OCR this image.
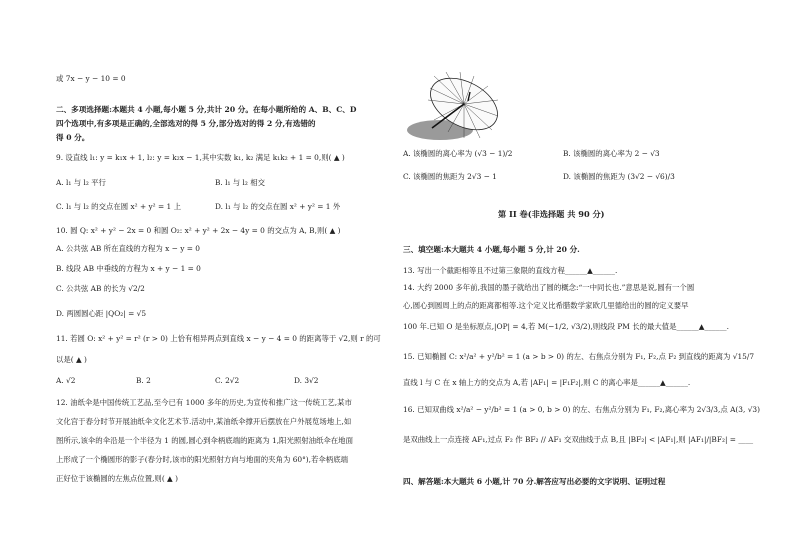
或 7x − y − 10 = 0
二、多项选择题:本题共 4 小题,每小题 5 分,共计 20 分。在每小题所给的 A、B、C、D
四个选项中,有多项是正确的,全部选对的得 5 分,部分选对的得 2 分,有选错的
得 0 分。
9. 设直线 l₁: y = k₁x + 1, l₂: y = k₂x − 1,其中实数 k₁, k₂ 满足 k₁k₂ + 1 = 0,则( ▲ )
A. l₁ 与 l₂ 平行	B. l₁ 与 l₂ 相交
C. l₁ 与 l₂ 的交点在圆 x² + y² = 1 上	D. l₁ 与 l₂ 的交点在圆 x² + y² = 1 外
10. 圆 Q: x² + y² − 2x = 0 和圆 O₂: x² + y² + 2x − 4y = 0 的交点为 A, B,则( ▲ )
A. 公共弦 AB 所在直线的方程为 x − y = 0
B. 线段 AB 中垂线的方程为 x + y − 1 = 0
C. 公共弦 AB 的长为 √2/2
D. 两圆圆心距 |QO₂| = √5
11. 若圆 O: x² + y² = r² (r > 0) 上恰有相异两点到直线 x − y − 4 = 0 的距离等于 √2,则 r 的可
以是( ▲ )
A. √2	B. 2	C. 2√2	D. 3√2
12. 油纸伞是中国传统工艺品,至今已有 1000 多年的历史,为宣传和推广这一传统工艺,某市
文化宫于春分时节开展油纸伞文化艺术节.活动中,某油纸伞撑开后摆放在户外展览场地上,如
图所示,该伞的伞沿是一个半径为 1 的圆,圆心到伞柄底端的距离为 1,阳光照射油纸伞在地面
上形成了一个椭圆形的影子(春分时,该市的阳光照射方向与地面的夹角为 60°),若伞柄底端
正好位于该椭圆的左焦点位置,则( ▲ )
A. 该椭圆的离心率为 (√3 − 1)/2	B. 该椭圆的离心率为 2 − √3
C. 该椭圆的焦距为 2√3 − 1	D. 该椭圆的焦距为 (3√2 − √6)/3
第 II 卷(非选择题 共 90 分)
三、填空题:本大题共 4 小题,每小题 5 分,计 20 分.
13. 写出一个截距相等且不过第三象限的直线方程______▲______.
14. 大约 2000 多年前,我国的墨子就给出了圆的概念:“一中同长也.”意思是说,圆有一个圆
心,圆心到圆周上的点的距离都相等.这个定义比希腊数学家欧几里德给出的圆的定义要早
100 年.已知 O 是坐标原点,|OP| = 4,若 M(−1/2, √3/2),则线段 PM 长的最大值是______▲______.
15. 已知椭圆 C: x²/a² + y²/b² = 1 (a > b > 0) 的左、右焦点分别为 F₁, F₂,点 F₂ 到直线的距离为 √15/7
直线 l 与 C 在 x 轴上方的交点为 A,若 |AF₁| = |F₁F₂|,则 C 的离心率是______▲______.
16. 已知双曲线 x²/a² − y²/b² = 1 (a > 0, b > 0) 的左、右焦点分别为 F₁, F₂,离心率为 2√3/3,点 A(3, √3)
是双曲线上一点连接 AF₁,过点 F₂ 作 BF₂ // AF₁ 交双曲线于点 B,且 |BF₂| < |AF₁|,则 |AF₁|/|BF₂| = ____
四、解答题:本大题共 6 小题,计 70 分.解答应写出必要的文字说明、证明过程
